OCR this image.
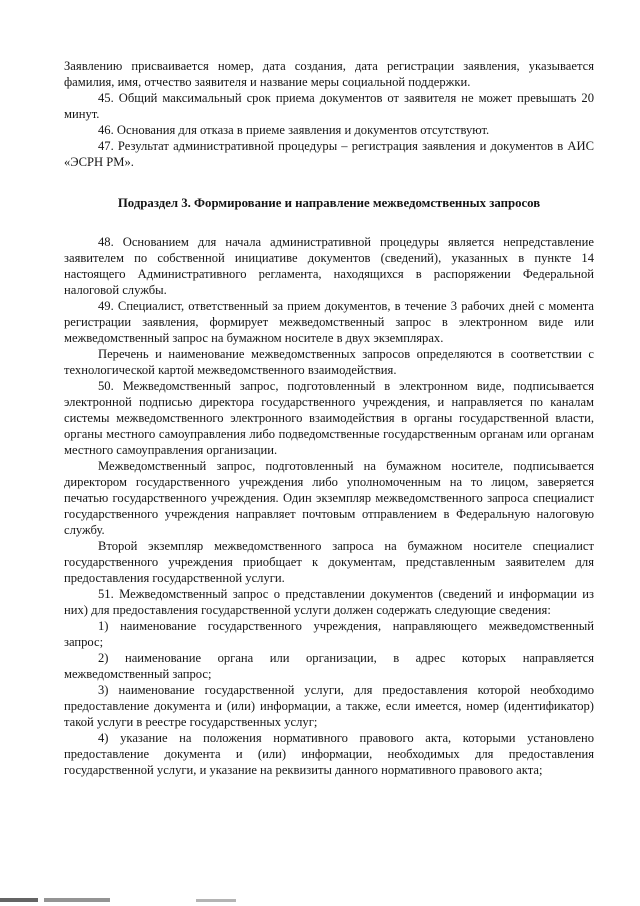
Заявлению присваивается номер, дата создания, дата регистрации заявления, указывается фамилия, имя, отчество заявителя и название меры социальной поддержки.

45. Общий максимальный срок приема документов от заявителя не может превышать 20 минут.

46. Основания для отказа в приеме заявления и документов отсутствуют.

47. Результат административной процедуры – регистрация заявления и документов в АИС «ЭСРН РМ».

Подраздел 3. Формирование и направление межведомственных запросов

48. Основанием для начала административной процедуры является непредставление заявителем по собственной инициативе документов (сведений), указанных в пункте 14 настоящего Административного регламента, находящихся в распоряжении Федеральной налоговой службы.

49. Специалист, ответственный за прием документов, в течение 3 рабочих дней с момента регистрации заявления, формирует межведомственный запрос в электронном виде или межведомственный запрос на бумажном носителе в двух экземплярах.

Перечень и наименование межведомственных запросов определяются в соответствии с технологической картой межведомственного взаимодействия.

50. Межведомственный запрос, подготовленный в электронном виде, подписывается электронной подписью директора государственного учреждения, и направляется по каналам системы межведомственного электронного взаимодействия в органы государственной власти, органы местного самоуправления либо подведомственные государственным органам или органам местного самоуправления организации.

Межведомственный запрос, подготовленный на бумажном носителе, подписывается директором государственного учреждения либо уполномоченным на то лицом, заверяется печатью государственного учреждения. Один экземпляр межведомственного запроса специалист государственного учреждения направляет почтовым отправлением в Федеральную налоговую службу.

Второй экземпляр межведомственного запроса на бумажном носителе специалист государственного учреждения приобщает к документам, представленным заявителем для предоставления государственной услуги.

51. Межведомственный запрос о представлении документов (сведений и информации из них) для предоставления государственной услуги должен содержать следующие сведения:

1) наименование государственного учреждения, направляющего межведомственный запрос;

2) наименование органа или организации, в адрес которых направляется межведомственный запрос;

3) наименование государственной услуги, для предоставления которой необходимо предоставление документа и (или) информации, а также, если имеется, номер (идентификатор) такой услуги в реестре государственных услуг;

4) указание на положения нормативного правового акта, которыми установлено предоставление документа и (или) информации, необходимых для предоставления государственной услуги, и указание на реквизиты данного нормативного правового акта;
